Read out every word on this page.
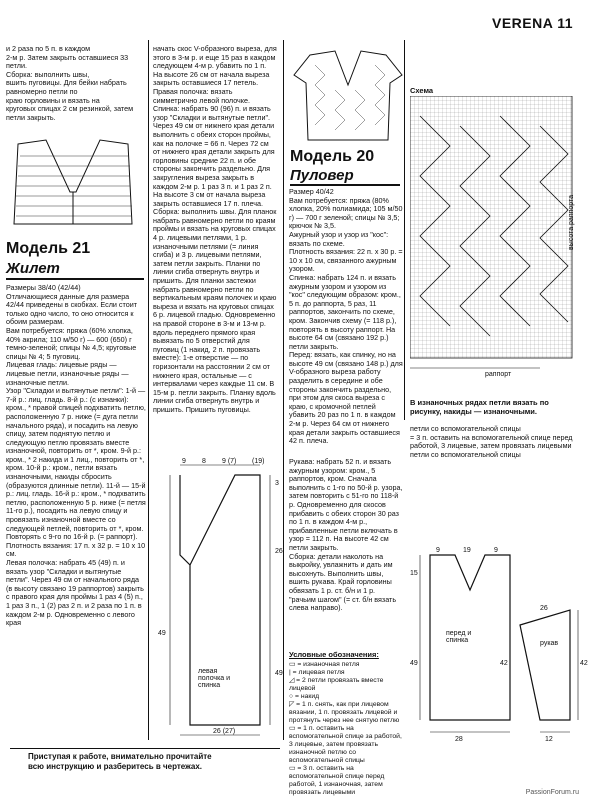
VERENA 11
и 2 раза по 5 п. в каждом
2-м р. Затем закрыть оставшиеся 33 петли.
Сборка: выполнить швы,
вшить пуговицы. Для бейки набрать равномерно петли по
краю горловины и вязать на
круговых спицах 2 см резинкой, затем петли закрыть.
Модель 21
Жилет
Размеры 38/40 (42/44)
Отличающиеся данные для размера 42/44 приведены в скобках. Если стоит только одно число, то оно относится к обоим размерам.
Вам потребуется: пряжа (60% хлопка, 40% акрила; 110 м/50 г) — 600 (650) г темно-зеленой; спицы № 4,5; круговые спицы № 4; 5 пуговиц.
Лицевая гладь: лицевые ряды — лицевые петли, изнаночные ряды — изнаночные петли.
Узор "Складки и вытянутые петли": 1-й — 7-й р.: лиц. гладь. 8-й р.: (с изнанки): кром., * правой спицей подхватить петлю, расположенную 7 р. ниже (= дуга петли начального ряда), и посадить на левую спицу, затем поднятую петлю и следующую петлю провязать вместе изнаночной, повторить от *, кром. 9-й р.: кром., * 2 накида и 1 лиц., повторить от *, кром. 10-й р.: кром., петли вязать изнаночными, накиды сбросить (образуются длинные петли). 11-й — 15-й р.: лиц. гладь. 16-й р.: кром., * подхватить петлю, расположенную 5 р. ниже (= петля 11-го р.), посадить на левую спицу и провязать изнаночной вместе со следующей петлей, повторить от *, кром. Повторять с 9-го по 16-й р. (= раппорт).
Плотность вязания: 17 п. х 32 р. = 10 х 10 см.
Левая полочка: набрать 45 (49) п. и вязать узор "Складки и вытянутые петли". Через 49 см от начального ряда (в высоту связано 19 раппортов) закрыть с правого края для проймы 1 раз 4 (5) п., 1 раз 3 п., 1 (2) раз 2 п. и 2 раза по 1 п. в каждом 2-м р. Одновременно с левого края
начать скос V-образного выреза, для этого в 3-м р. и еще 15 раз в каждом следующем 4-м р. убавить по 1 п. На высоте 26 см от начала выреза закрыть оставшиеся 17 петель.
Правая полочка: вязать симметрично левой полочке.
Спинка: набрать 90 (96) п. и вязать узор "Складки и вытянутые петли". Через 49 см от нижнего края детали выполнить с обеих сторон проймы, как на полочке = 66 п. Через 72 см от нижнего края детали закрыть для горловины средние 22 п. и обе стороны закончить раздельно. Для закругления выреза закрыть в каждом 2-м р. 1 раз 3 п. и 1 раз 2 п. На высоте 3 см от начала выреза закрыть оставшиеся 17 п. плеча.
Сборка: выполнить швы. Для планок набрать равномерно петли по краям проймы и вязать на круговых спицах 4 р. лицевыми петлями, 1 р. изнаночными петлями (= линия сгиба) и 3 р. лицевыми петлями, затем петли закрыть. Планки по линии сгиба отвернуть внутрь и пришить. Для планки застежки набрать равномерно петли по вертикальным краям полочек и краю выреза и вязать на круговых спицах 6 р. лицевой гладью. Одновременно на правой стороне в 3-м и 13-м р. вдоль переднего прямого края вывязать по 5 отверстий для пуговиц (1 накид, 2 п. провязать вместе): 1-е отверстие — по горизонтали на расстоянии 2 см от нижнего края, остальные — с интервалами через каждые 11 см. В 15-м р. петли закрыть. Планку вдоль линии сгиба отвернуть внутрь и пришить. Пришить пуговицы.
9 8 9 (7) (19)
3
26
49
49
26 (27)
левая полочка и спинка
Модель 20
Пуловер
Размер 40/42
Вам потребуется: пряжа (80% хлопка, 20% полиамида; 105 м/50 г) — 700 г зеленой; спицы № 3,5; крючок № 3,5.
Ажурный узор и узор из "кос": вязать по схеме.
Плотность вязания: 22 п. х 30 р. = 10 х 10 см, связанного ажурным узором.
Спинка: набрать 124 п. и вязать ажурным узором и узором из "кос" следующим образом: кром., 5 п. до раппорта, 5 раз, 11 раппортов, закончить по схеме, кром. Закончив схему (= 118 р.), повторять в высоту раппорт. На высоте 64 см (связано 192 р.) петли закрыть.
Перед: вязать, как спинку, но на высоте 49 см (связано 148 р.) для V-образного выреза работу разделить в середине и обе стороны закончить раздельно, при этом для скоса выреза с краю, с кромочной петлей убавить 20 раз по 1 п. в каждом 2-м р. Через 64 см от нижнего края детали закрыть оставшиеся 42 п. плеча.
Рукава: набрать 52 п. и вязать ажурным узором: кром., 5 раппортов, кром. Сначала выполнить с 1-го по 50-й р. узора, затем повторить с 51-го по 118-й р. Одновременно для скосов прибавить с обеих сторон 30 раз по 1 п. в каждом 4-м р., прибавленные петли включать в узор = 112 п. На высоте 42 см петли закрыть.
Сборка: детали наколоть на выкройку, увлажнить и дать им высохнуть. Выполнить швы, вшить рукава. Край горловины обвязать 1 р. ст. б/н и 1 р. "рачьим шагом" (= ст. б/н вязать слева направо).
Условные обозначения:
▭ = изнаночная петля
| = лицевая петля
◿ = 2 петли провязать вместе лицевой
○ = накид
◸ = 1 п. снять, как при лицевом вязании, 1 п. провязать лицевой и протянуть через нее снятую петлю
▭ = 1 п. оставить на вспомогательной спице за работой, 3 лицевые, затем провязать изнаночной петлю со вспомогательной спицы
▭ = 3 п. оставить на вспомогательной спице перед работой, 1 изнаночная, затем провязать лицевыми
Схема
раппорт
высота раппорта
В изнаночных рядах петли вязать по рисунку, накиды — изнаночными.
петли со вспомогательной спицы
= 3 п. оставить на вспомогательной спице перед работой, 3 лицевые, затем провязать лицевыми петли со вспомогательной спицы
9	19	9
15
49
перед и спинка
42
28
рукав
26
42
12
Приступая к работе, внимательно прочитайте
всю инструкцию и разберитесь в чертежах.
PassionForum.ru
